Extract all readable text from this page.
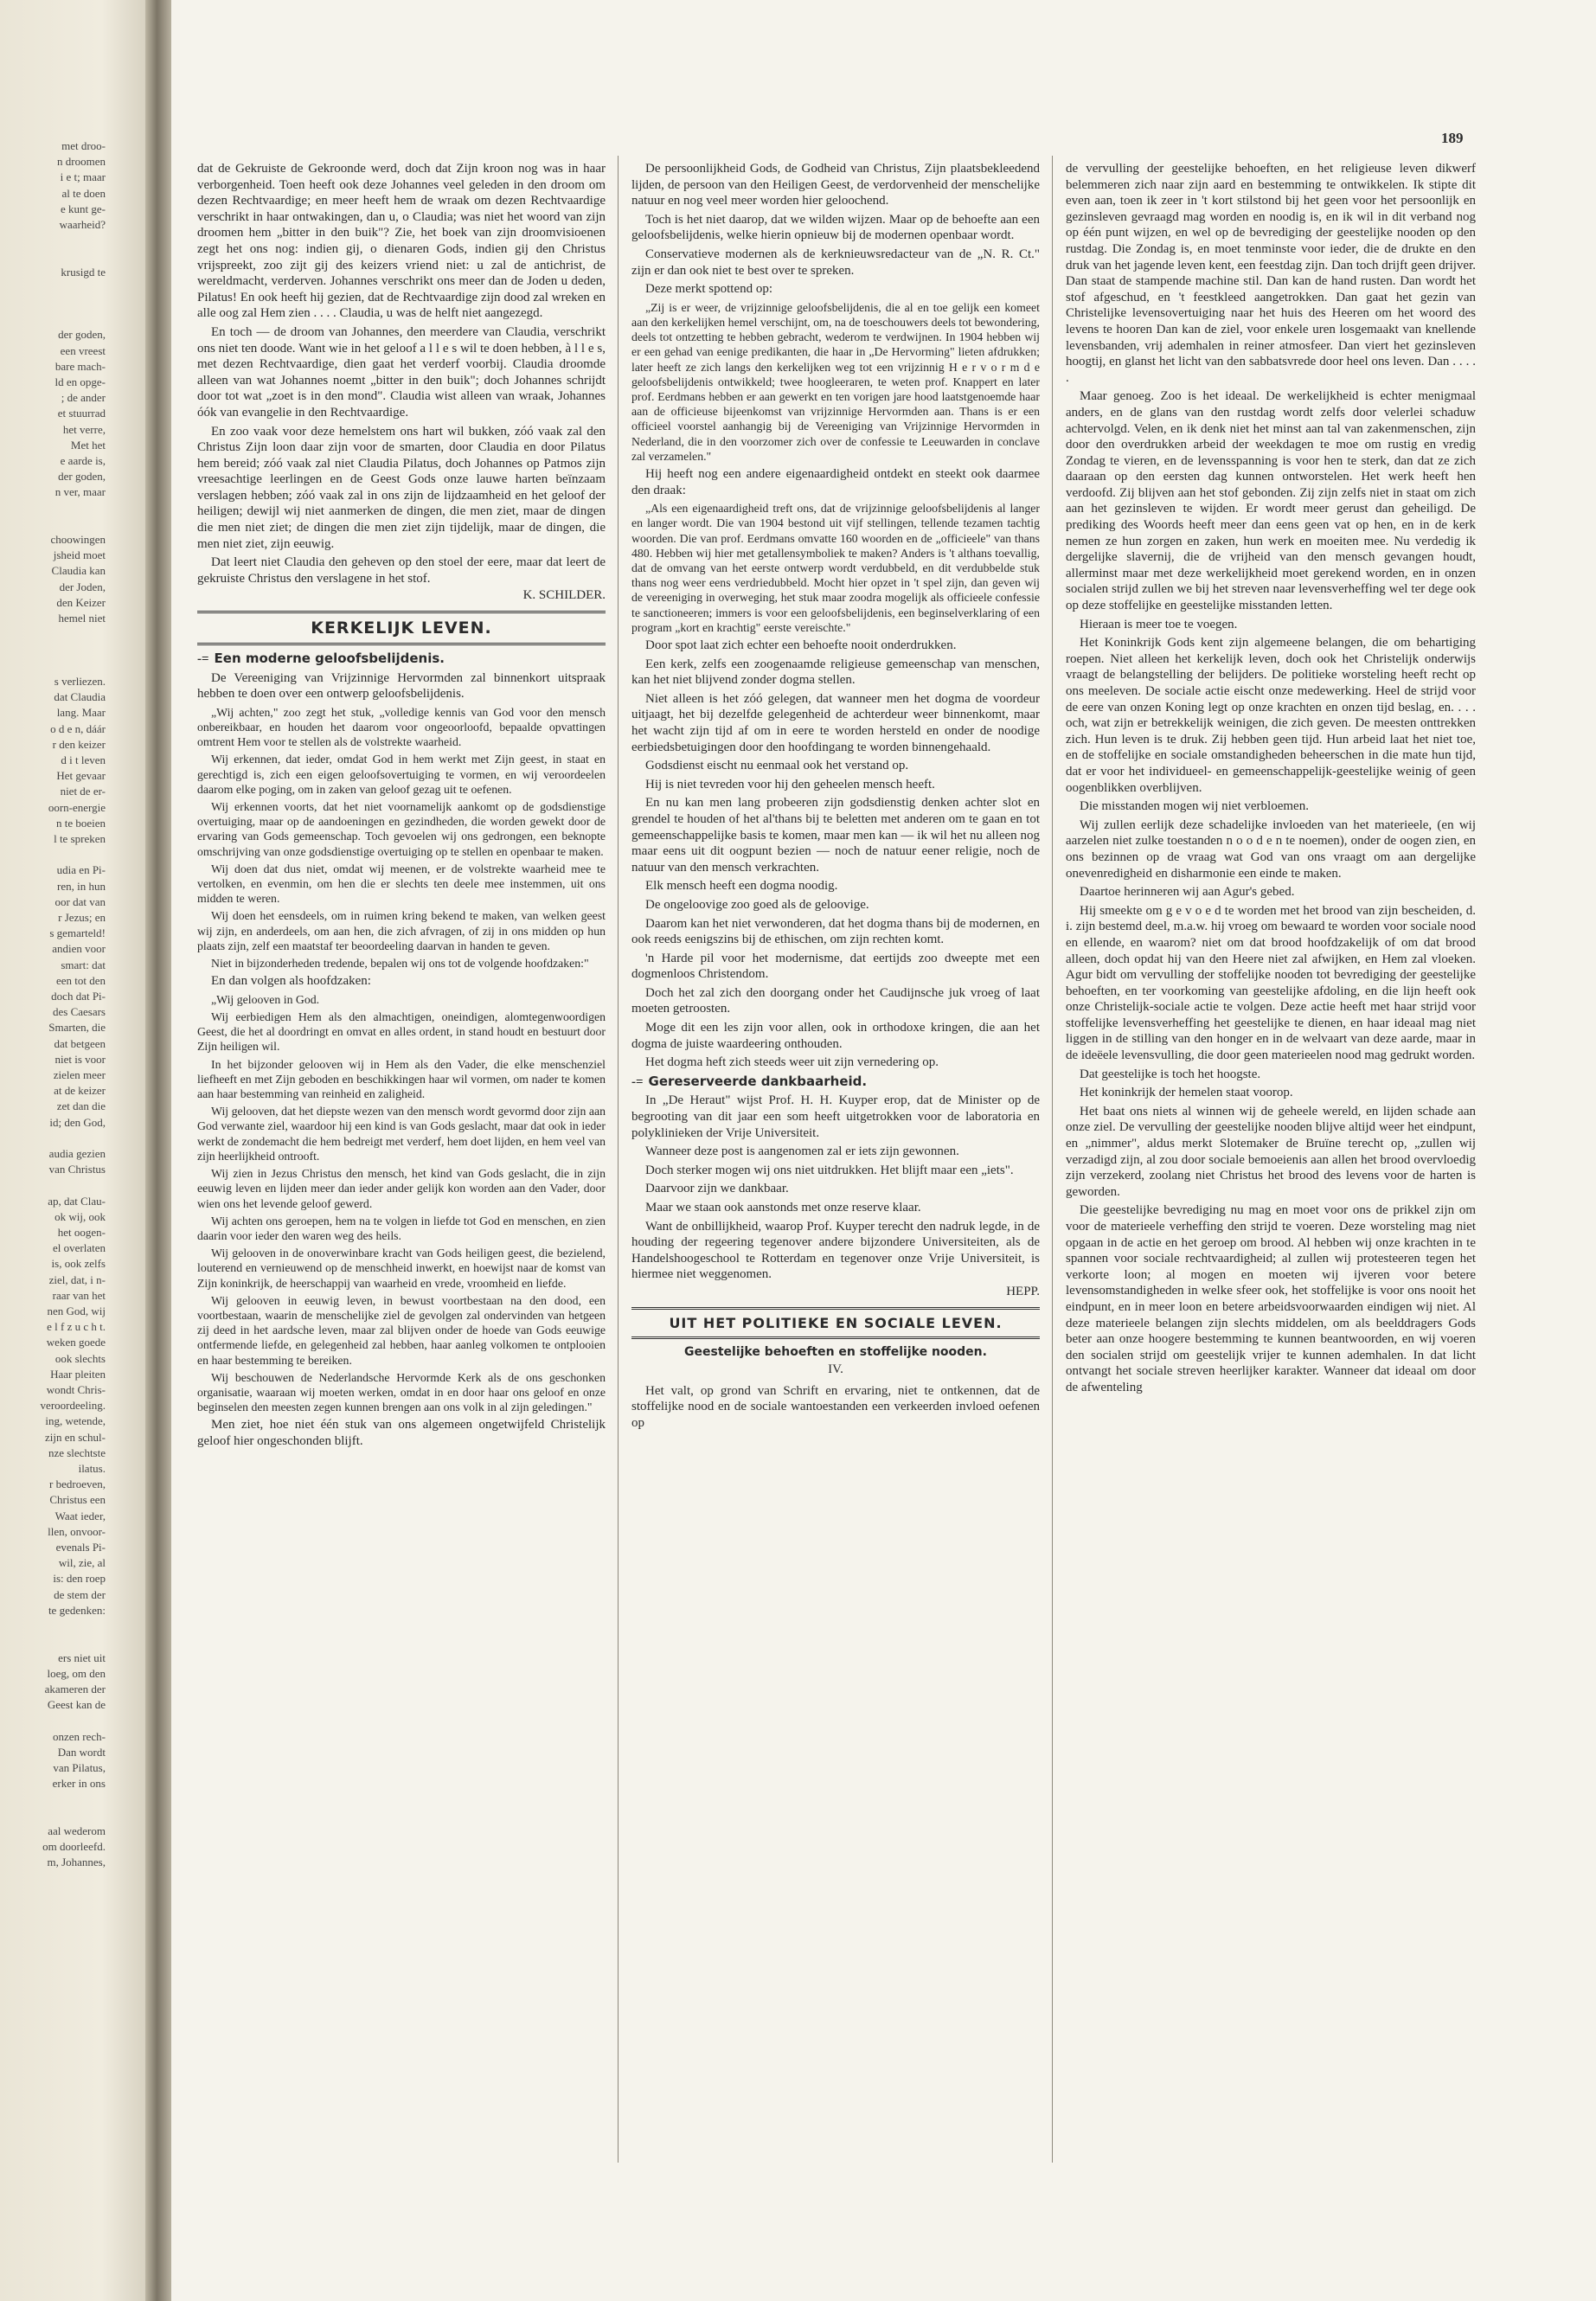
met droo-

n droomen

i e t; maar

al te doen

e kunt ge-

waarheid?

krusigd te

der goden,

een vreest

bare mach-

ld en opge-

; de ander

et stuurrad

het verre,

Met het

e aarde is,

der goden,

n ver, maar

choowingen

jsheid moet

Claudia kan

der Joden,

den Keizer

hemel niet

s verliezen.

dat Claudia

lang. Maar

o d e n, dáár

r den keizer

d i t leven

Het gevaar

niet de er-

oorn-energie

n te boeien

l te spreken

udia en Pi-

ren, in hun

oor dat van

r Jezus; en

s gemarteld!

andien voor

smart: dat

een tot den

doch dat Pi-

des Caesars

Smarten, die

dat betgeen

niet is voor

zielen meer

at de keizer

zet dan die

id; den God,

audia gezien

van Christus

ap, dat Clau-

ok wij, ook

het oogen-

el overlaten

is, ook zelfs

ziel, dat, i n-

raar van het

nen God, wij

e l f z u c h t.

weken goede

ook slechts

Haar pleiten

wondt Chris-

veroordeeling.

ing, wetende,

zijn en schul-

nze slechtste

ilatus.

r bedroeven,

Christus een

Waat ieder,

llen, onvoor-

evenals Pi-

wil, zie, al

is: den roep

de stem der

te gedenken:

ers niet uit

loeg, om den

akameren der

Geest kan de

onzen rech-

Dan wordt

van Pilatus,

erker in ons

aal wederom

om doorleefd.

m, Johannes,

189

dat de Gekruiste de Gekroonde werd, doch dat Zijn kroon nog was in haar verborgenheid. Toen heeft ook deze Johannes veel geleden in den droom om dezen Rechtvaardige; en meer heeft hem de wraak om dezen Rechtvaardige verschrikt in haar ontwakingen, dan u, o Claudia; was niet het woord van zijn droomen hem „bitter in den buik"? Zie, het boek van zijn droomvisioenen zegt het ons nog: indien gij, o dienaren Gods, indien gij den Christus vrijspreekt, zoo zijt gij des keizers vriend niet: u zal de antichrist, de wereldmacht, verderven. Johannes verschrikt ons meer dan de Joden u deden, Pilatus! En ook heeft hij gezien, dat de Rechtvaardige zijn dood zal wreken en alle oog zal Hem zien . . . . Claudia, u was de helft niet aangezegd.

En toch — de droom van Johannes, den meerdere van Claudia, verschrikt ons niet ten doode. Want wie in het geloof a l l e s wil te doen hebben, à l l e s, met dezen Rechtvaardige, dien gaat het verderf voorbij. Claudia droomde alleen van wat Johannes noemt „bitter in den buik"; doch Johannes schrijdt door tot wat „zoet is in den mond". Claudia wist alleen van wraak, Johannes óók van evangelie in den Rechtvaardige.

En zoo vaak voor deze hemelstem ons hart wil bukken, zóó vaak zal den Christus Zijn loon daar zijn voor de smarten, door Claudia en door Pilatus hem bereid; zóó vaak zal niet Claudia Pilatus, doch Johannes op Patmos zijn vreesachtige leerlingen en de Geest Gods onze lauwe harten beïnzaam verslagen hebben; zóó vaak zal in ons zijn de lijdzaamheid en het geloof der heiligen; dewijl wij niet aanmerken de dingen, die men ziet, maar de dingen die men niet ziet; de dingen die men ziet zijn tijdelijk, maar de dingen, die men niet ziet, zijn eeuwig.

Dat leert niet Claudia den geheven op den stoel der eere, maar dat leert de gekruiste Christus den verslagene in het stof.

K. SCHILDER.

KERKELIJK LEVEN.

-= Een moderne geloofsbelijdenis.

De Vereeniging van Vrijzinnige Hervormden zal binnenkort uitspraak hebben te doen over een ontwerp geloofsbelijdenis.

„Wij achten," zoo zegt het stuk, „volledige kennis van God voor den mensch onbereikbaar, en houden het daarom voor ongeoorloofd, bepaalde opvattingen omtrent Hem voor te stellen als de volstrekte waarheid.

Wij erkennen, dat ieder, omdat God in hem werkt met Zijn geest, in staat en gerechtigd is, zich een eigen geloofsovertuiging te vormen, en wij veroordeelen daarom elke poging, om in zaken van geloof gezag uit te oefenen.

Wij erkennen voorts, dat het niet voornamelijk aankomt op de godsdienstige overtuiging, maar op de aandoeningen en gezindheden, die worden gewekt door de ervaring van Gods gemeenschap. Toch gevoelen wij ons gedrongen, een beknopte omschrijving van onze godsdienstige overtuiging op te stellen en openbaar te maken.

Wij doen dat dus niet, omdat wij meenen, er de volstrekte waarheid mee te vertolken, en evenmin, om hen die er slechts ten deele mee instemmen, uit ons midden te weren.

Wij doen het eensdeels, om in ruimen kring bekend te maken, van welken geest wij zijn, en anderdeels, om aan hen, die zich afvragen, of zij in ons midden op hun plaats zijn, zelf een maatstaf ter beoordeeling daarvan in handen te geven.

Niet in bijzonderheden tredende, bepalen wij ons tot de volgende hoofdzaken:"

En dan volgen als hoofdzaken:

„Wij gelooven in God.

Wij eerbiedigen Hem als den almachtigen, oneindigen, alomtegenwoordigen Geest, die het al doordringt en omvat en alles ordent, in stand houdt en bestuurt door Zijn heiligen wil.

In het bijzonder gelooven wij in Hem als den Vader, die elke menschenziel liefheeft en met Zijn geboden en beschikkingen haar wil vormen, om nader te komen aan haar bestemming van reinheid en zaligheid.

Wij gelooven, dat het diepste wezen van den mensch wordt gevormd door zijn aan God verwante ziel, waardoor hij een kind is van Gods geslacht, maar dat ook in ieder werkt de zondemacht die hem bedreigt met verderf, hem doet lijden, en hem veel van zijn heerlijkheid ontrooft.

Wij zien in Jezus Christus den mensch, het kind van Gods geslacht, die in zijn eeuwig leven en lijden meer dan ieder ander gelijk kon worden aan den Vader, door wien ons het levende geloof gewerd.

Wij achten ons geroepen, hem na te volgen in liefde tot God en menschen, en zien daarin voor ieder den waren weg des heils.

Wij gelooven in de onoverwinbare kracht van Gods heiligen geest, die bezielend, louterend en vernieuwend op de menschheid inwerkt, en hoewijst naar de komst van Zijn koninkrijk, de heerschappij van waarheid en vrede, vroomheid en liefde.

Wij gelooven in eeuwig leven, in bewust voortbestaan na den dood, een voortbestaan, waarin de menschelijke ziel de gevolgen zal ondervinden van hetgeen zij deed in het aardsche leven, maar zal blijven onder de hoede van Gods eeuwige ontfermende liefde, en gelegenheid zal hebben, haar aanleg volkomen te ontplooien en haar bestemming te bereiken.

Wij beschouwen de Nederlandsche Hervormde Kerk als de ons geschonken organisatie, waaraan wij moeten werken, omdat in en door haar ons geloof en onze beginselen den meesten zegen kunnen brengen aan ons volk in al zijn geledingen."

Men ziet, hoe niet één stuk van ons algemeen ongetwijfeld Christelijk geloof hier ongeschonden blijft.

De persoonlijkheid Gods, de Godheid van Christus, Zijn plaatsbekleedend lijden, de persoon van den Heiligen Geest, de verdorvenheid der menschelijke natuur en nog veel meer worden hier geloochend.

Toch is het niet daarop, dat we wilden wijzen. Maar op de behoefte aan een geloofsbelijdenis, welke hierin opnieuw bij de modernen openbaar wordt.

Conservatieve modernen als de kerknieuwsredacteur van de „N. R. Ct." zijn er dan ook niet te best over te spreken.

Deze merkt spottend op:

„Zij is er weer, de vrijzinnige geloofsbelijdenis, die al en toe gelijk een komeet aan den kerkelijken hemel verschijnt, om, na de toeschouwers deels tot bewondering, deels tot ontzetting te hebben gebracht, wederom te verdwijnen. In 1904 hebben wij er een gehad van eenige predikanten, die haar in „De Hervorming" lieten afdrukken; later heeft ze zich langs den kerkelijken weg tot een vrijzinnig H e r v o r m d e geloofsbelijdenis ontwikkeld; twee hoogleeraren, te weten prof. Knappert en later prof. Eerdmans hebben er aan gewerkt en ten vorigen jare hood laatstgenoemde haar aan de officieuse bijeenkomst van vrijzinnige Hervormden aan. Thans is er een officieel voorstel aanhangig bij de Vereeniging van Vrijzinnige Hervormden in Nederland, die in den voorzomer zich over de confessie te Leeuwarden in conclave zal verzamelen."

Hij heeft nog een andere eigenaardigheid ontdekt en steekt ook daarmee den draak:

„Als een eigenaardigheid treft ons, dat de vrijzinnige geloofsbelijdenis al langer en langer wordt. Die van 1904 bestond uit vijf stellingen, tellende tezamen tachtig woorden. Die van prof. Eerdmans omvatte 160 woorden en de „officieele" van thans 480. Hebben wij hier met getallensymboliek te maken? Anders is 't althans toevallig, dat de omvang van het eerste ontwerp wordt verdubbeld, en dit verdubbelde stuk thans nog weer eens verdriedubbeld. Mocht hier opzet in 't spel zijn, dan geven wij de vereeniging in overweging, het stuk maar zoodra mogelijk als officieele confessie te sanctioneeren; immers is voor een geloofsbelijdenis, een beginselverklaring of een program „kort en krachtig" eerste vereischte."

Door spot laat zich echter een behoefte nooit onderdrukken.

Een kerk, zelfs een zoogenaamde religieuse gemeenschap van menschen, kan het niet blijvend zonder dogma stellen.

Niet alleen is het zóó gelegen, dat wanneer men het dogma de voordeur uitjaagt, het bij dezelfde gelegenheid de achterdeur weer binnenkomt, maar het wacht zijn tijd af om in eere te worden hersteld en onder de noodige eerbiedsbetuigingen door den hoofdingang te worden binnengehaald.

Godsdienst eischt nu eenmaal ook het verstand op.

Hij is niet tevreden voor hij den geheelen mensch heeft.

En nu kan men lang probeeren zijn godsdienstig denken achter slot en grendel te houden of het al'thans bij te beletten met anderen om te gaan en tot gemeenschappelijke basis te komen, maar men kan — ik wil het nu alleen nog maar eens uit dit oogpunt bezien — noch de natuur eener religie, noch de natuur van den mensch verkrachten.

Elk mensch heeft een dogma noodig.

De ongeloovige zoo goed als de geloovige.

Daarom kan het niet verwonderen, dat het dogma thans bij de modernen, en ook reeds eenigszins bij de ethischen, om zijn rechten komt.

'n Harde pil voor het modernisme, dat eertijds zoo dweepte met een dogmenloos Christendom.

Doch het zal zich den doorgang onder het Caudijnsche juk vroeg of laat moeten getroosten.

Moge dit een les zijn voor allen, ook in orthodoxe kringen, die aan het dogma de juiste waardeering onthouden.

Het dogma heft zich steeds weer uit zijn vernedering op.

-= Gereserveerde dankbaarheid.

In „De Heraut" wijst Prof. H. H. Kuyper erop, dat de Minister op de begrooting van dit jaar een som heeft uitgetrokken voor de laboratoria en polyklinieken der Vrije Universiteit.

Wanneer deze post is aangenomen zal er iets zijn gewonnen.

Doch sterker mogen wij ons niet uitdrukken. Het blijft maar een „iets".

Daarvoor zijn we dankbaar.

Maar we staan ook aanstonds met onze reserve klaar.

Want de onbillijkheid, waarop Prof. Kuyper terecht den nadruk legde, in de houding der regeering tegenover andere bijzondere Universiteiten, als de Handelshoogeschool te Rotterdam en tegenover onze Vrije Universiteit, is hiermee niet weggenomen.

HEPP.

UIT HET POLITIEKE EN SOCIALE LEVEN.

Geestelijke behoeften en stoffelijke nooden.

IV.

Het valt, op grond van Schrift en ervaring, niet te ontkennen, dat de stoffelijke nood en de sociale wantoestanden een verkeerden invloed oefenen op

de vervulling der geestelijke behoeften, en het religieuse leven dikwerf belemmeren zich naar zijn aard en bestemming te ontwikkelen. Ik stipte dit even aan, toen ik zeer in 't kort stilstond bij het geen voor het persoonlijk en gezinsleven gevraagd mag worden en noodig is, en ik wil in dit verband nog op één punt wijzen, en wel op de bevrediging der geestelijke nooden op den rustdag. Die Zondag is, en moet tenminste voor ieder, die de drukte en den druk van het jagende leven kent, een feestdag zijn. Dan toch drijft geen drijver. Dan staat de stampende machine stil. Dan kan de hand rusten. Dan wordt het stof afgeschud, en 't feestkleed aangetrokken. Dan gaat het gezin van Christelijke levensovertuiging naar het huis des Heeren om het woord des levens te hooren Dan kan de ziel, voor enkele uren losgemaakt van knellende levensbanden, vrij ademhalen in reiner atmosfeer. Dan viert het gezinsleven hoogtij, en glanst het licht van den sabbatsvrede door heel ons leven. Dan . . . . .

Maar genoeg. Zoo is het ideaal. De werkelijkheid is echter menigmaal anders, en de glans van den rustdag wordt zelfs door velerlei schaduw achtervolgd. Velen, en ik denk niet het minst aan tal van zakenmenschen, zijn door den overdrukken arbeid der weekdagen te moe om rustig en vredig Zondag te vieren, en de levensspanning is voor hen te sterk, dan dat ze zich daaraan op den eersten dag kunnen ontworstelen. Het werk heeft hen verdoofd. Zij blijven aan het stof gebonden. Zij zijn zelfs niet in staat om zich aan het gezinsleven te wijden. Er wordt meer gerust dan geheiligd. De prediking des Woords heeft meer dan eens geen vat op hen, en in de kerk nemen ze hun zorgen en zaken, hun werk en moeiten mee. Nu verdedig ik dergelijke slavernij, die de vrijheid van den mensch gevangen houdt, allerminst maar met deze werkelijkheid moet gerekend worden, en in onzen socialen strijd zullen we bij het streven naar levensverheffing wel ter dege ook op deze stoffelijke en geestelijke misstanden letten.

Hieraan is meer toe te voegen.

Het Koninkrijk Gods kent zijn algemeene belangen, die om behartiging roepen. Niet alleen het kerkelijk leven, doch ook het Christelijk onderwijs vraagt de belangstelling der belijders. De politieke worsteling heeft recht op ons meeleven. De sociale actie eischt onze medewerking. Heel de strijd voor de eere van onzen Koning legt op onze krachten en onzen tijd beslag, en. . . . och, wat zijn er betrekkelijk weinigen, die zich geven. De meesten onttrekken zich. Hun leven is te druk. Zij hebben geen tijd. Hun arbeid laat het niet toe, en de stoffelijke en sociale omstandigheden beheerschen in die mate hun tijd, dat er voor het individueel- en gemeenschappelijk-geestelijke weinig of geen oogenblikken overblijven.

Die misstanden mogen wij niet verbloemen.

Wij zullen eerlijk deze schadelijke invloeden van het materieele, (en wij aarzelen niet zulke toestanden n o o d e n te noemen), onder de oogen zien, en ons bezinnen op de vraag wat God van ons vraagt om aan dergelijke onevenredigheid en disharmonie een einde te maken.

Daartoe herinneren wij aan Agur's gebed.

Hij smeekte om g e v o e d te worden met het brood van zijn bescheiden, d. i. zijn bestemd deel, m.a.w. hij vroeg om bewaard te worden voor sociale nood en ellende, en waarom? niet om dat brood hoofdzakelijk of om dat brood alleen, doch opdat hij van den Heere niet zal afwijken, en Hem zal vloeken. Agur bidt om vervulling der stoffelijke nooden tot bevrediging der geestelijke behoeften, en ter voorkoming van geestelijke afdoling, en die lijn heeft ook onze Christelijk-sociale actie te volgen. Deze actie heeft met haar strijd voor stoffelijke levensverheffing het geestelijke te dienen, en haar ideaal mag niet liggen in de stilling van den honger en in de welvaart van deze aarde, maar in de ideëele levensvulling, die door geen materieelen nood mag gedrukt worden.

Dat geestelijke is toch het hoogste.

Het koninkrijk der hemelen staat voorop.

Het baat ons niets al winnen wij de geheele wereld, en lijden schade aan onze ziel. De vervulling der geestelijke nooden blijve altijd weer het eindpunt, en „nimmer", aldus merkt Slotemaker de Bruïne terecht op, „zullen wij verzadigd zijn, al zou door sociale bemoeienis aan allen het brood overvloedig zijn verzekerd, zoolang niet Christus het brood des levens voor de harten is geworden.

Die geestelijke bevrediging nu mag en moet voor ons de prikkel zijn om voor de materieele verheffing den strijd te voeren. Deze worsteling mag niet opgaan in de actie en het geroep om brood. Al hebben wij onze krachten in te spannen voor sociale rechtvaardigheid; al zullen wij protesteeren tegen het verkorte loon; al mogen en moeten wij ijveren voor betere levensomstandigheden in welke sfeer ook, het stoffelijke is voor ons nooit het eindpunt, en in meer loon en betere arbeidsvoorwaarden eindigen wij niet. Al deze materieele belangen zijn slechts middelen, om als beelddragers Gods beter aan onze hoogere bestemming te kunnen beantwoorden, en wij voeren den socialen strijd om geestelijk vrijer te kunnen ademhalen. In dat licht ontvangt het sociale streven heerlijker karakter. Wanneer dat ideaal om door de afwenteling
